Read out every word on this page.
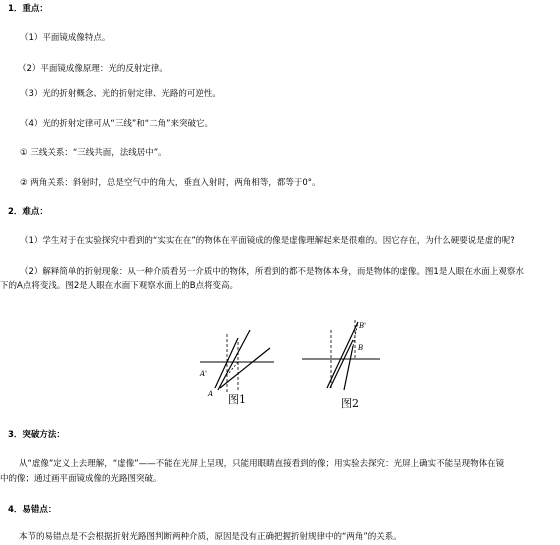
1．重点：
（1）平面镜成像特点。
（2）平面镜成像原理：光的反射定律。
（3）光的折射概念、光的折射定律、光路的可逆性。
（4）光的折射定律可从“三线”和“二角”来突破它。
① 三线关系：“三线共面，法线居中”。
② 两角关系：斜射时，总是空气中的角大，垂直入射时，两角相等，都等于0°。
2．难点：
（1）学生对于在实验探究中看到的“实实在在”的物体在平面镜成的像是虚像理解起来是很难的。因它存在，为什么硬要说是虚的呢?
（2）解释简单的折射现象：从一种介质看另一介质中的物体，所看到的都不是物体本身，而是物体的虚像。图1是人眼在水面上观察水
下的A点将变浅。图2是人眼在水面下观察水面上的B点将变高。
A'
A 图1
B'
B
图2
3．突破方法：
从“虚像”定义上去理解，“虚像”——不能在光屏上呈现，只能用眼睛直接看到的像；用实验去探究：光屏上确实不能呈现物体在镜
中的像；通过画平面镜成像的光路图突破。
4．易错点：
本节的易错点是不会根据折射光路图判断两种介质，原因是没有正确把握折射规律中的“两角”的关系。
